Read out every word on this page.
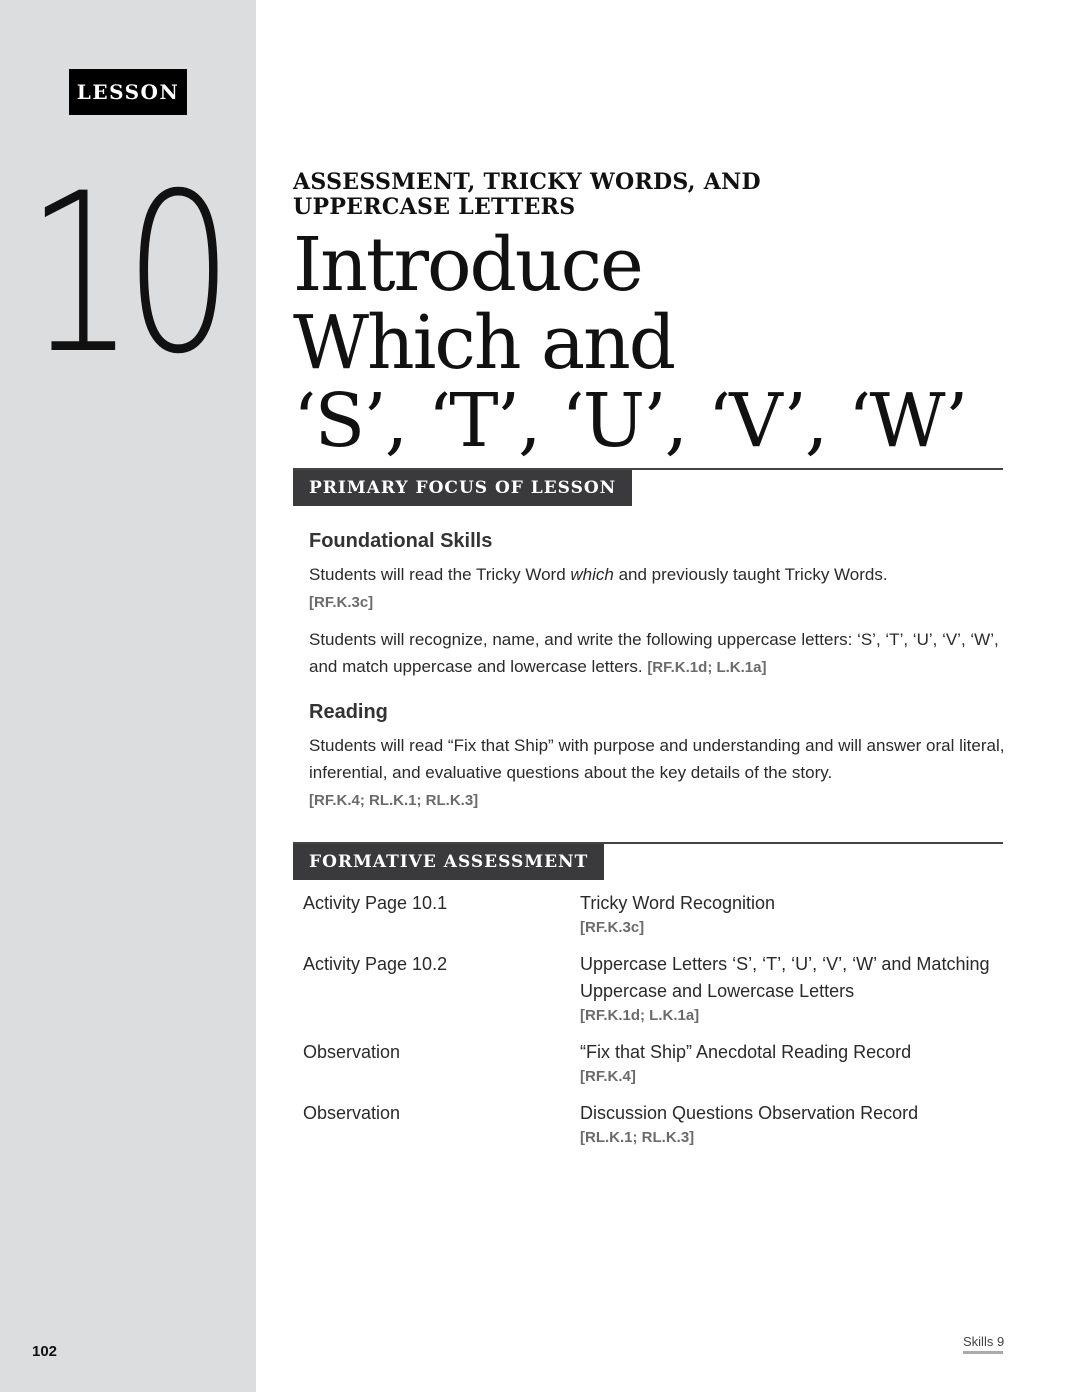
LESSON
10
102
ASSESSMENT, TRICKY WORDS, AND UPPERCASE LETTERS
Introduce
Which and
‘S’, ‘T’, ‘U’, ‘V’, ‘W’
PRIMARY FOCUS OF LESSON
Foundational Skills
Students will read the Tricky Word which and previously taught Tricky Words.
[RF.K.3c]
Students will recognize, name, and write the following uppercase letters: ‘S’, ‘T’, ‘U’, ‘V’, ‘W’, and match uppercase and lowercase letters. [RF.K.1d; L.K.1a]
Reading
Students will read “Fix that Ship” with purpose and understanding and will answer oral literal, inferential, and evaluative questions about the key details of the story.
[RF.K.4; RL.K.1; RL.K.3]
FORMATIVE ASSESSMENT
Activity Page 10.1	Tricky Word Recognition
[RF.K.3c]
Activity Page 10.2	Uppercase Letters ‘S’, ‘T’, ‘U’, ‘V’, ‘W’ and Matching Uppercase and Lowercase Letters
[RF.K.1d; L.K.1a]
Observation	“Fix that Ship” Anecdotal Reading Record
[RF.K.4]
Observation	Discussion Questions Observation Record
[RL.K.1; RL.K.3]
Skills 9
